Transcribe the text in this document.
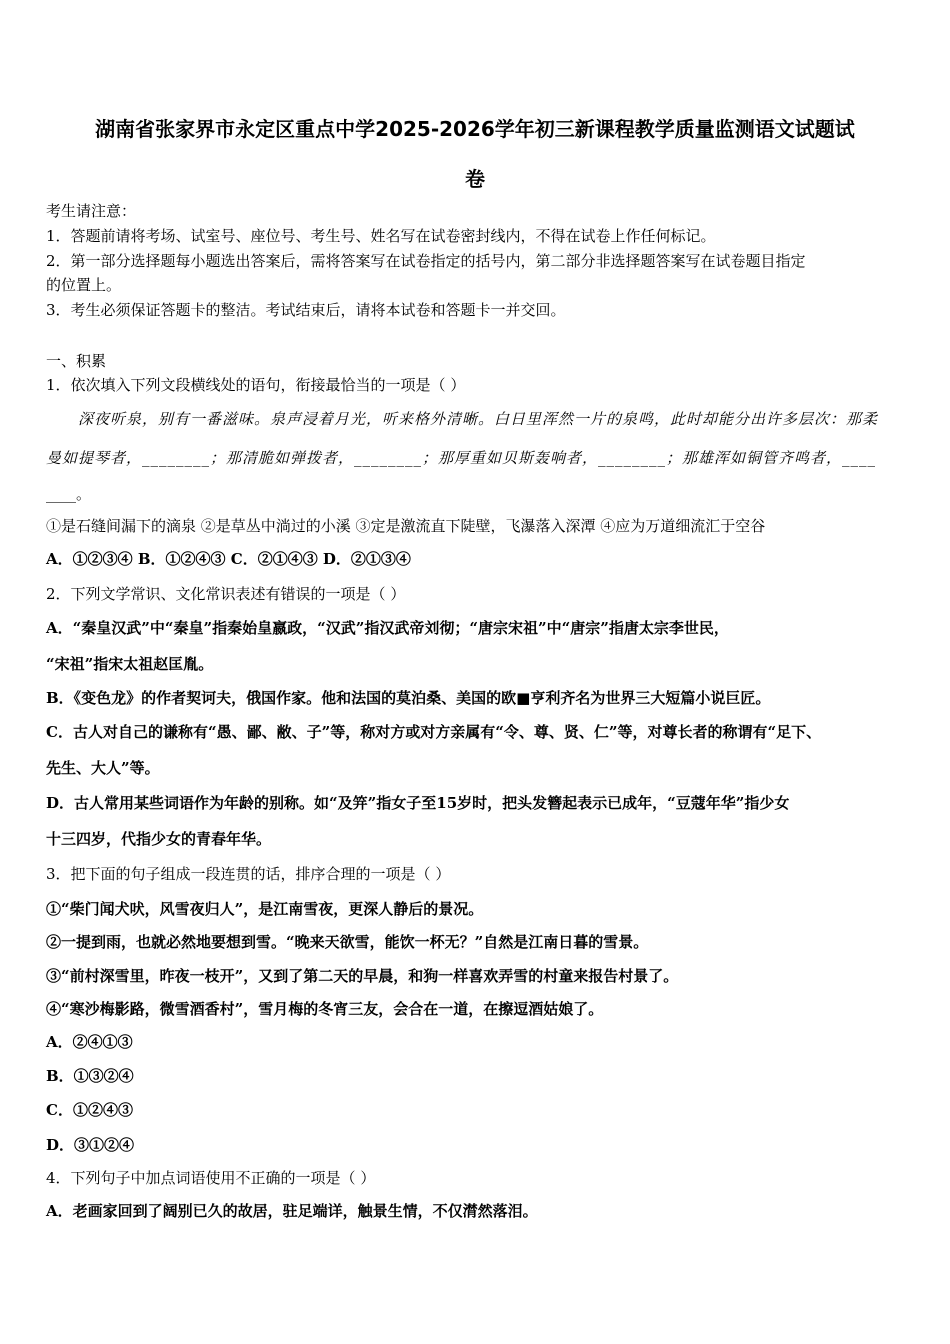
湖南省张家界市永定区重点中学2025-2026学年初三新课程教学质量监测语文试题试
卷
考生请注意：
1．答题前请将考场、试室号、座位号、考生号、姓名写在试卷密封线内，不得在试卷上作任何标记。
2．第一部分选择题每小题选出答案后，需将答案写在试卷指定的括号内，第二部分非选择题答案写在试卷题目指定
的位置上。
3．考生必须保证答题卡的整洁。考试结束后，请将本试卷和答题卡一并交回。
一、积累
1．依次填入下列文段横线处的语句，衔接最恰当的一项是（ ）
深夜听泉，别有一番滋味。泉声浸着月光，听来格外清晰。白日里浑然一片的泉鸣，此时却能分出许多层次：那柔
曼如提琴者，________；那清脆如弹拨者，________；那厚重如贝斯轰响者，________；那雄浑如铜管齐鸣者，____
____。
①是石缝间漏下的滴泉 ②是草丛中淌过的小溪 ③定是激流直下陡壁，飞瀑落入深潭 ④应为万道细流汇于空谷
A．①②③④ B．①②④③ C．②①④③ D．②①③④
2．下列文学常识、文化常识表述有错误的一项是（ ）
A．“秦皇汉武”中“秦皇”指秦始皇嬴政，“汉武”指汉武帝刘彻；“唐宗宋祖”中“唐宗”指唐太宗李世民，
“宋祖”指宋太祖赵匡胤。
B．《变色龙》的作者契诃夫，俄国作家。他和法国的莫泊桑、美国的欧■亨利齐名为世界三大短篇小说巨匠。
C．古人对自己的谦称有“愚、鄙、敝、子”等，称对方或对方亲属有“令、尊、贤、仁”等，对尊长者的称谓有“足下、
先生、大人”等。
D．古人常用某些词语作为年龄的别称。如“及笄”指女子至15岁时，把头发簪起表示已成年，“豆蔻年华”指少女
十三四岁，代指少女的青春年华。
3．把下面的句子组成一段连贯的话，排序合理的一项是（ ）
①“柴门闻犬吠，风雪夜归人”，是江南雪夜，更深人静后的景况。
②一提到雨，也就必然地要想到雪。“晚来天欲雪，能饮一杯无？”自然是江南日暮的雪景。
③“前村深雪里，昨夜一枝开”，又到了第二天的早晨，和狗一样喜欢弄雪的村童来报告村景了。
④“寒沙梅影路，微雪酒香村”，雪月梅的冬宵三友，会合在一道，在擦逗酒姑娘了。
A．②④①③
B．①③②④
C．①②④③
D．③①②④
4．下列句子中加点词语使用不正确的一项是（ ）
A．老画家回到了阔别已久的故居，驻足端详，触景生情，不仅潸然落泪。
